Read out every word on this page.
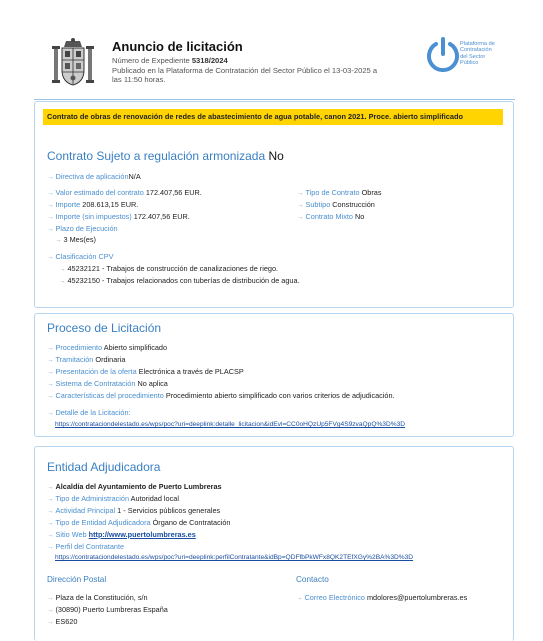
Anuncio de licitación
Número de Expediente 5318/2024
Publicado en la Plataforma de Contratación del Sector Público el 13-03-2025 a
las 11:50 horas.
Plataforma de
Contratación
del Sector
Público
Contrato de obras de renovación de redes de abastecimiento de agua potable, canon 2021. Proce. abierto simplificado
Contrato Sujeto a regulación armonizada No
→ Directiva de aplicaciónN/A
→ Valor estimado del contrato 172.407,56 EUR.
→ Importe 208.613,15 EUR.
→ Importe (sin impuestos) 172.407,56 EUR.
→ Plazo de Ejecución
→ 3 Mes(es)
→ Tipo de Contrato Obras
→ Subtipo Construcción
→ Contrato Mixto No
→ Clasificación CPV
→ 45232121 - Trabajos de construcción de canalizaciones de riego.
→ 45232150 - Trabajos relacionados con tuberías de distribución de agua.
Proceso de Licitación
→ Procedimiento Abierto simplificado
→ Tramitación Ordinaria
→ Presentación de la oferta Electrónica a través de PLACSP
→ Sistema de Contratación No aplica
→ Características del procedimiento Procedimiento abierto simplificado con varios criterios de adjudicación.
→ Detalle de la Licitación:
https://contrataciondelestado.es/wps/poc?uri=deeplink:detalle_licitacion&idEvl=CC0oHQzUp5FVg4S9zvaQpQ%3D%3D
Entidad Adjudicadora
→ Alcaldía del Ayuntamiento de Puerto Lumbreras
→ Tipo de Administración Autoridad local
→ Actividad Principal 1 - Servicios públicos generales
→ Tipo de Entidad Adjudicadora Órgano de Contratación
→ Sitio Web http://www.puertolumbreras.es
→ Perfil del Contratante
https://contrataciondelestado.es/wps/poc?uri=deeplink:perfilContratante&idBp=QDFfbPkWFx8QK2TEfXGy%2BA%3D%3D
Dirección Postal
→ Plaza de la Constitución, s/n
→ (30890) Puerto Lumbreras España
→ ES620
Contacto
→ Correo Electrónico mdolores@puertolumbreras.es
